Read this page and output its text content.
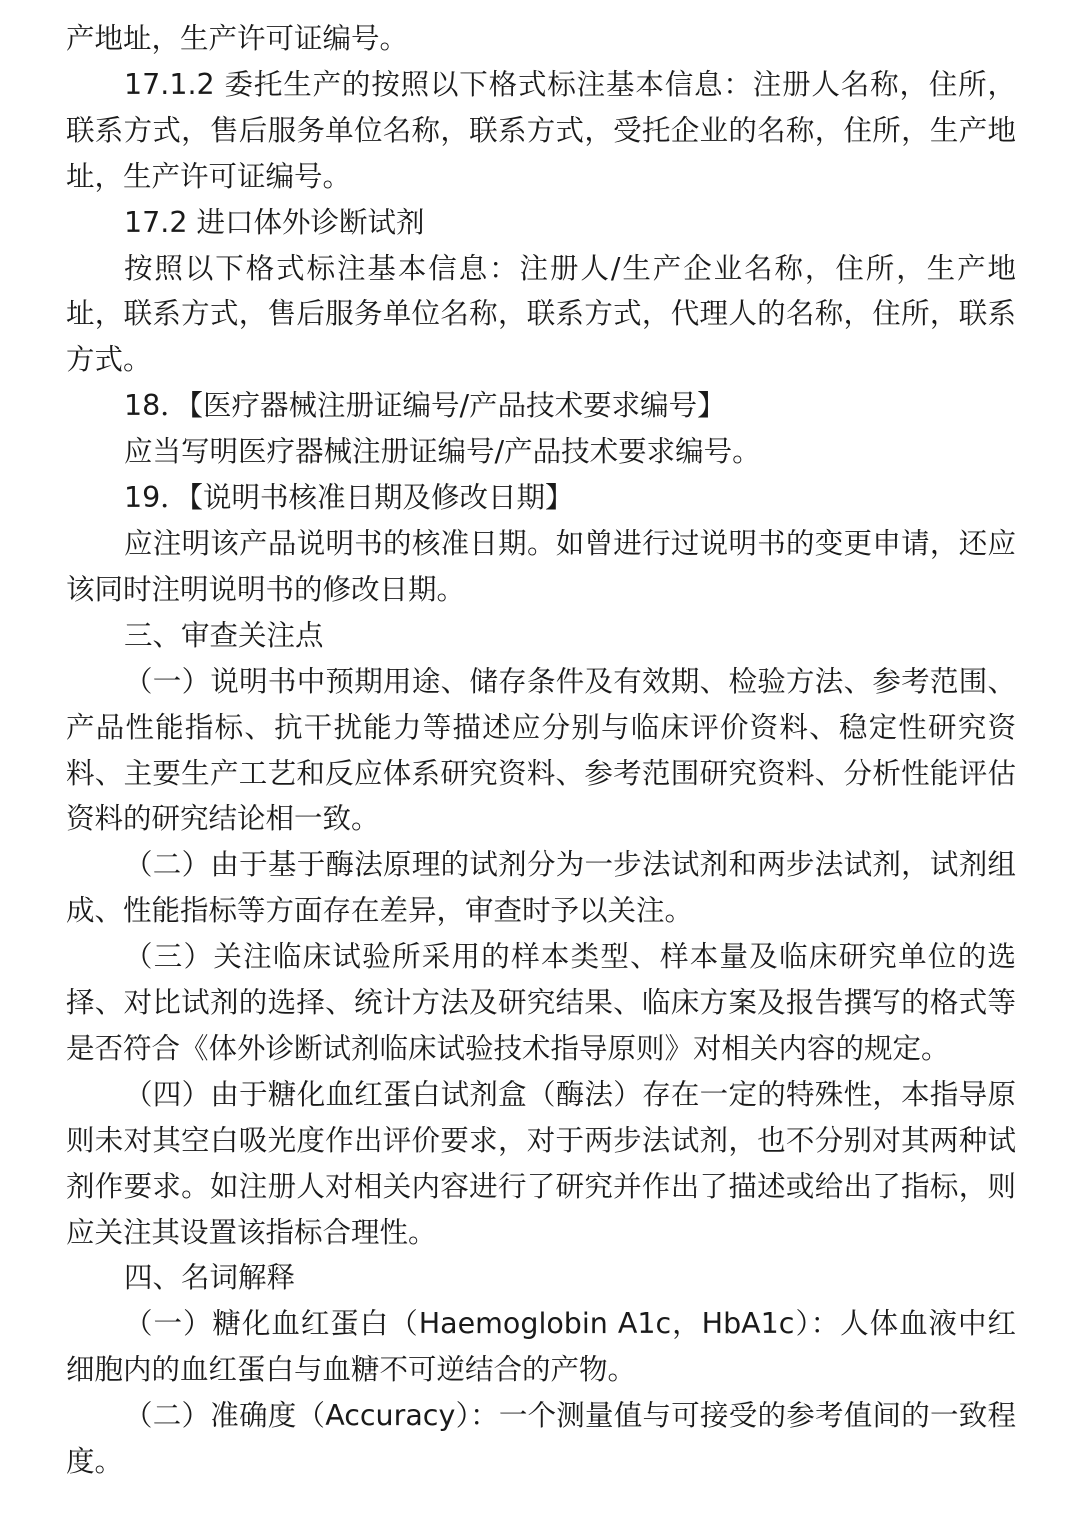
产地址，生产许可证编号。

17.1.2 委托生产的按照以下格式标注基本信息：注册人名称，住所，联系方式，售后服务单位名称，联系方式，受托企业的名称，住所，生产地址，生产许可证编号。

17.2 进口体外诊断试剂

按照以下格式标注基本信息：注册人/生产企业名称，住所，生产地址，联系方式，售后服务单位名称，联系方式，代理人的名称，住所，联系方式。

18．【医疗器械注册证编号/产品技术要求编号】

应当写明医疗器械注册证编号/产品技术要求编号。

19．【说明书核准日期及修改日期】

应注明该产品说明书的核准日期。如曾进行过说明书的变更申请，还应该同时注明说明书的修改日期。

三、审查关注点

（一）说明书中预期用途、储存条件及有效期、检验方法、参考范围、产品性能指标、抗干扰能力等描述应分别与临床评价资料、稳定性研究资料、主要生产工艺和反应体系研究资料、参考范围研究资料、分析性能评估资料的研究结论相一致。

（二）由于基于酶法原理的试剂分为一步法试剂和两步法试剂，试剂组成、性能指标等方面存在差异，审查时予以关注。

（三）关注临床试验所采用的样本类型、样本量及临床研究单位的选择、对比试剂的选择、统计方法及研究结果、临床方案及报告撰写的格式等是否符合《体外诊断试剂临床试验技术指导原则》对相关内容的规定。

（四）由于糖化血红蛋白试剂盒（酶法）存在一定的特殊性，本指导原则未对其空白吸光度作出评价要求，对于两步法试剂，也不分别对其两种试剂作要求。如注册人对相关内容进行了研究并作出了描述或给出了指标，则应关注其设置该指标合理性。

四、名词解释

（一）糖化血红蛋白（Haemoglobin A1c，HbA1c）：人体血液中红细胞内的血红蛋白与血糖不可逆结合的产物。

（二）准确度（Accuracy）：一个测量值与可接受的参考值间的一致程度。
